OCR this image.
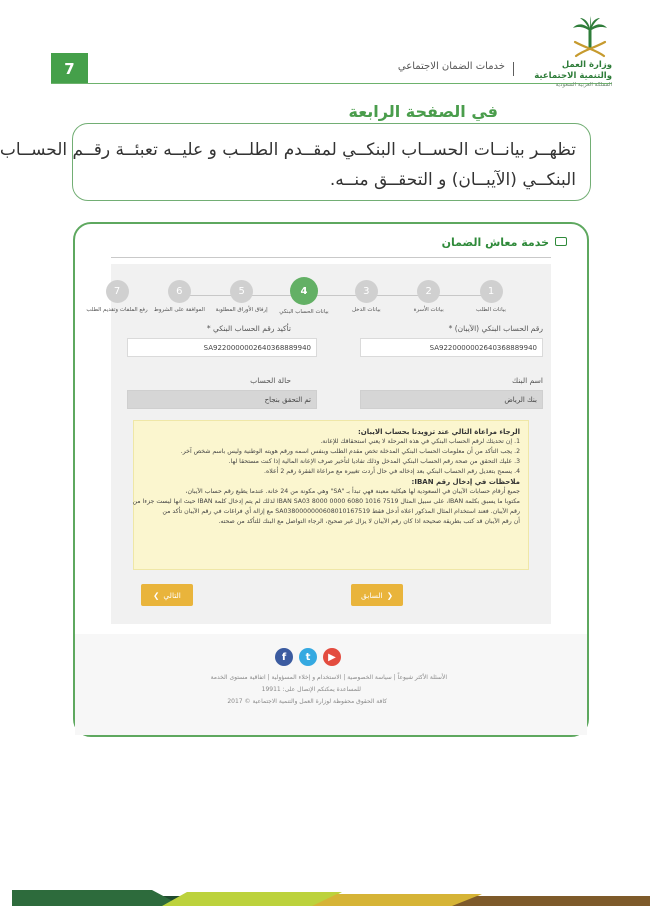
7	خدمات الضمان الاجتماعي	وزارة العمل
والتنمية الاجتماعية
المملكة العربية السعودية
في الصفحة الرابعة
تظهــر بيانــات الحســاب البنكــي لمقــدم الطلــب و عليــه تعبئــة رقــم الحســاب
البنكــي (الآيبــان) و التحقــق منــه.
خدمة معاش الضمان
1
بيانات الطلب
2
بيانات الأسرة
3
بيانات الدخل
4
بيانات الحساب البنكي
5
إرفاق الأوراق المطلوبة
6
الموافقة على الشروط
7
رفع الملفات وتقديم الطلب
رقم الحساب البنكي (الآيبان) *
SA9220000002640368889940
تأكيد رقم الحساب البنكي *
SA9220000002640368889940
اسم البنك
بنك الرياض
حالة الحساب
تم التحقق بنجاح

الرجاء مراعاة التالي عند تزويدنا بحساب الايبان:

1. إن تحديثك لرقم الحساب البنكي في هذه المرحلة لا يعني استحقاقك للإعانة.

2. يجب التأكد من أن معلومات الحساب البنكي المدخلة تخص مقدم الطلب وبنفس اسمه ورقم هويته الوطنية وليس باسم شخص آخر.

3. عليك التحقق من صحة رقم الحساب البنكي المدخل وذلك تفاديا لتأخير صرف الإعانة المالية إذا كنت مستحقا لها.

4. يسمح بتعديل رقم الحساب البنكي بعد إدخاله في حال أردت تغييره مع مراعاة الفقرة رقم 2 أعلاه.

ملاحظات في إدخال رقم IBAN:

جميع أرقام حسابات الآيبان في السعودية لها هيكلية معينة فهي تبدأ بـ "SA" وهي مكونة من 24 خانة. عندما يطبع رقم حساب الآيبان،

مكتوبا ما يسبق بكلمة IBAN، على سبيل المثال IBAN SA03 8000 0000 6080 1016 7519 لذلك لم يتم إدخال كلمة IBAN حيث انها ليست جزءا من

رقم الآيبان. فعند استخدام المثال المذكور اعلاه أدخل فقط SA0380000000608010167519 مع إزالة أي فراغات في رقم الآيبان تأكد من

أن رقم الآيبان قد كتب بطريقة صحيحة اذا كان رقم الآيبان لا يزال غير صحيح، الرجاء التواصل مع البنك للتأكد من صحته.

❮
السابق
التالي
❯
▶
t
f
الأسئلة الأكثر شيوعاً | سياسة الخصوصية | الاستخدام و إخلاء المسؤولية | اتفاقية مستوى الخدمة
للمساعدة يمكنكم الإتصال على: 19911
كافة الحقوق محفوظة لوزارة العمل والتنمية الاجتماعية © 2017
